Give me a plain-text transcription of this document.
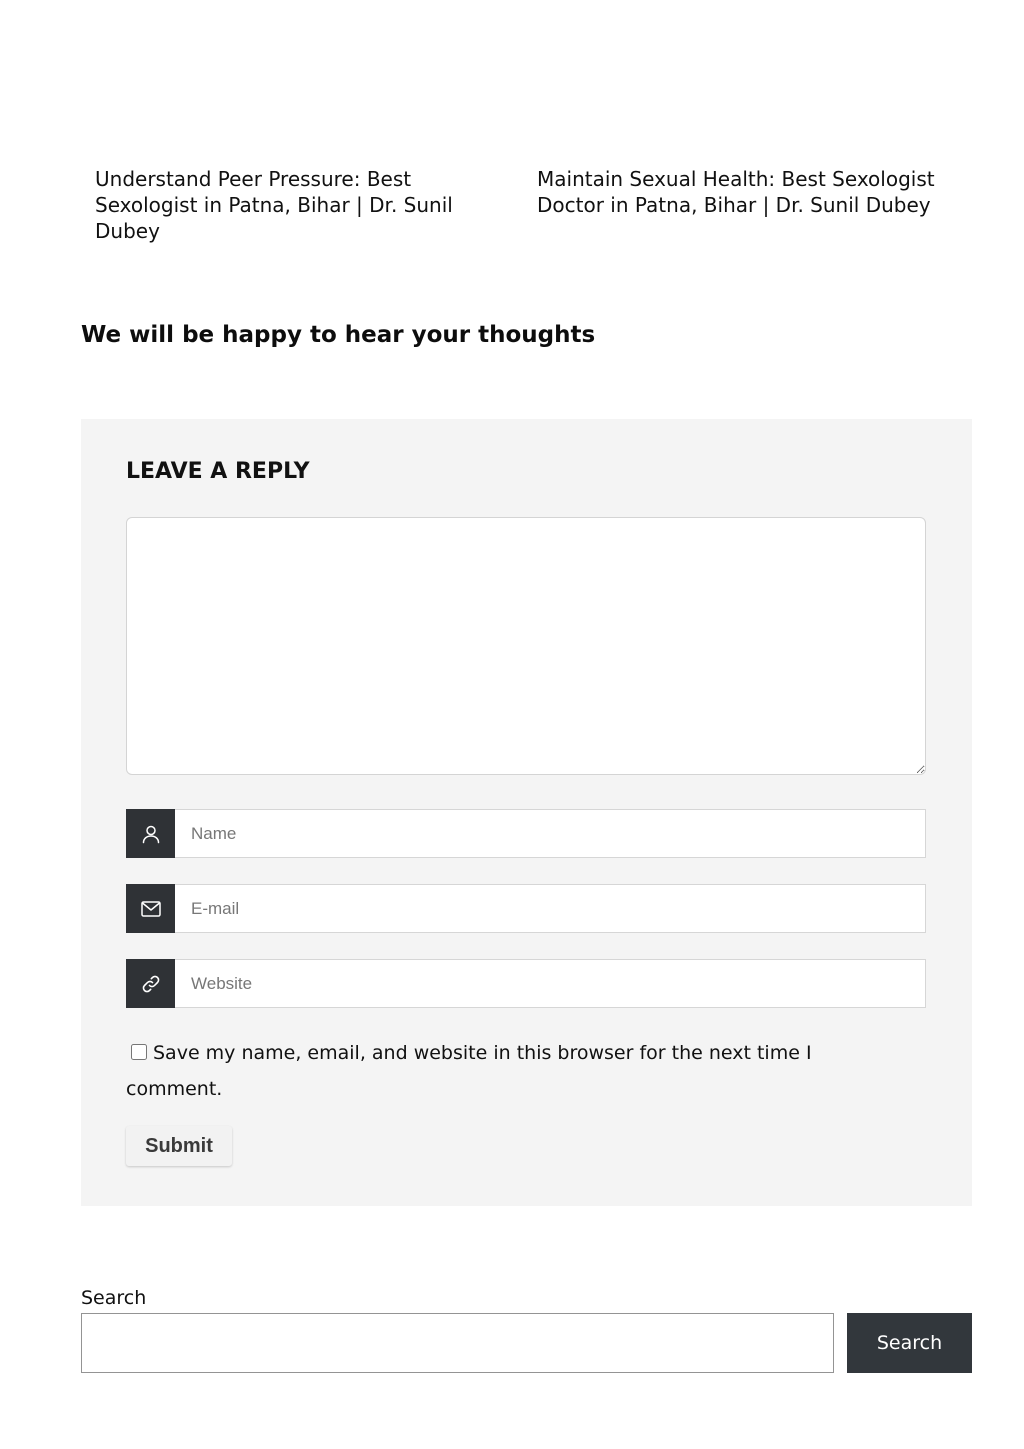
Understand Peer Pressure: Best Sexologist in Patna, Bihar | Dr. Sunil Dubey
Maintain Sexual Health: Best Sexologist Doctor in Patna, Bihar | Dr. Sunil Dubey
We will be happy to hear your thoughts
LEAVE A REPLY
Name
E-mail
Website
Save my name, email, and website in this browser for the next time I comment.
Submit
Search
Search
